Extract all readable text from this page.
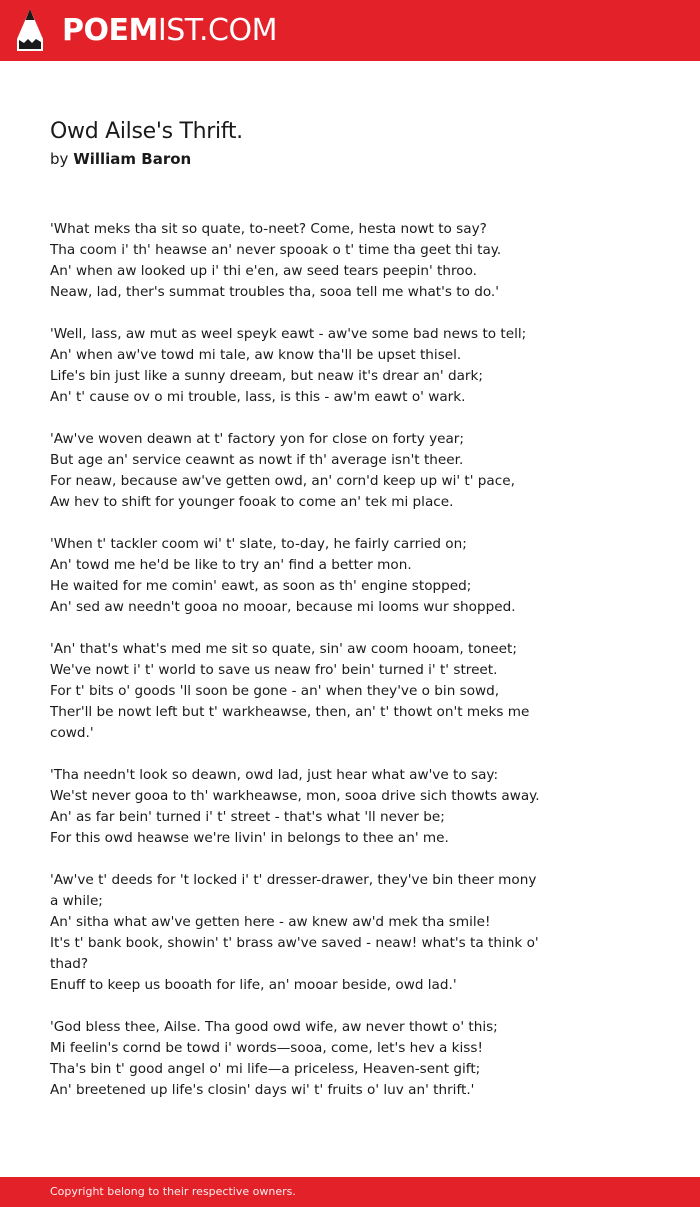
POEMIST.COM
Owd Ailse's Thrift.
by William Baron
'What meks tha sit so quate, to-neet? Come, hesta nowt to say?
Tha coom i' th' heawse an' never spooak o t' time tha geet thi tay.
An' when aw looked up i' thi e'en, aw seed tears peepin' throo.
Neaw, lad, ther's summat troubles tha, sooa tell me what's to do.'
'Well, lass, aw mut as weel speyk eawt - aw've some bad news to tell;
An' when aw've towd mi tale, aw know tha'll be upset thisel.
Life's bin just like a sunny dreeam, but neaw it's drear an' dark;
An' t' cause ov o mi trouble, lass, is this - aw'm eawt o' wark.
'Aw've woven deawn at t' factory yon for close on forty year;
But age an' service ceawnt as nowt if th' average isn't theer.
For neaw, because aw've getten owd, an' corn'd keep up wi' t' pace,
Aw hev to shift for younger fooak to come an' tek mi place.
'When t' tackler coom wi' t' slate, to-day, he fairly carried on;
An' towd me he'd be like to try an' find a better mon.
He waited for me comin' eawt, as soon as th' engine stopped;
An' sed aw needn't gooa no mooar, because mi looms wur shopped.
'An' that's what's med me sit so quate, sin' aw coom hooam, toneet;
We've nowt i' t' world to save us neaw fro' bein' turned i' t' street.
For t' bits o' goods 'll soon be gone - an' when they've o bin sowd,
Ther'll be nowt left but t' warkheawse, then, an' t' thowt on't meks me
cowd.'
'Tha needn't look so deawn, owd lad, just hear what aw've to say:
We'st never gooa to th' warkheawse, mon, sooa drive sich thowts away.
An' as far bein' turned i' t' street - that's what 'll never be;
For this owd heawse we're livin' in belongs to thee an' me.
'Aw've t' deeds for 't locked i' t' dresser-drawer, they've bin theer mony
a while;
An' sitha what aw've getten here - aw knew aw'd mek tha smile!
It's t' bank book, showin' t' brass aw've saved - neaw! what's ta think o'
thad?
Enuff to keep us booath for life, an' mooar beside, owd lad.'
'God bless thee, Ailse. Tha good owd wife, aw never thowt o' this;
Mi feelin's cornd be towd i' words—sooa, come, let's hev a kiss!
Tha's bin t' good angel o' mi life—a priceless, Heaven-sent gift;
An' breetened up life's closin' days wi' t' fruits o' luv an' thrift.'
Copyright belong to their respective owners.
